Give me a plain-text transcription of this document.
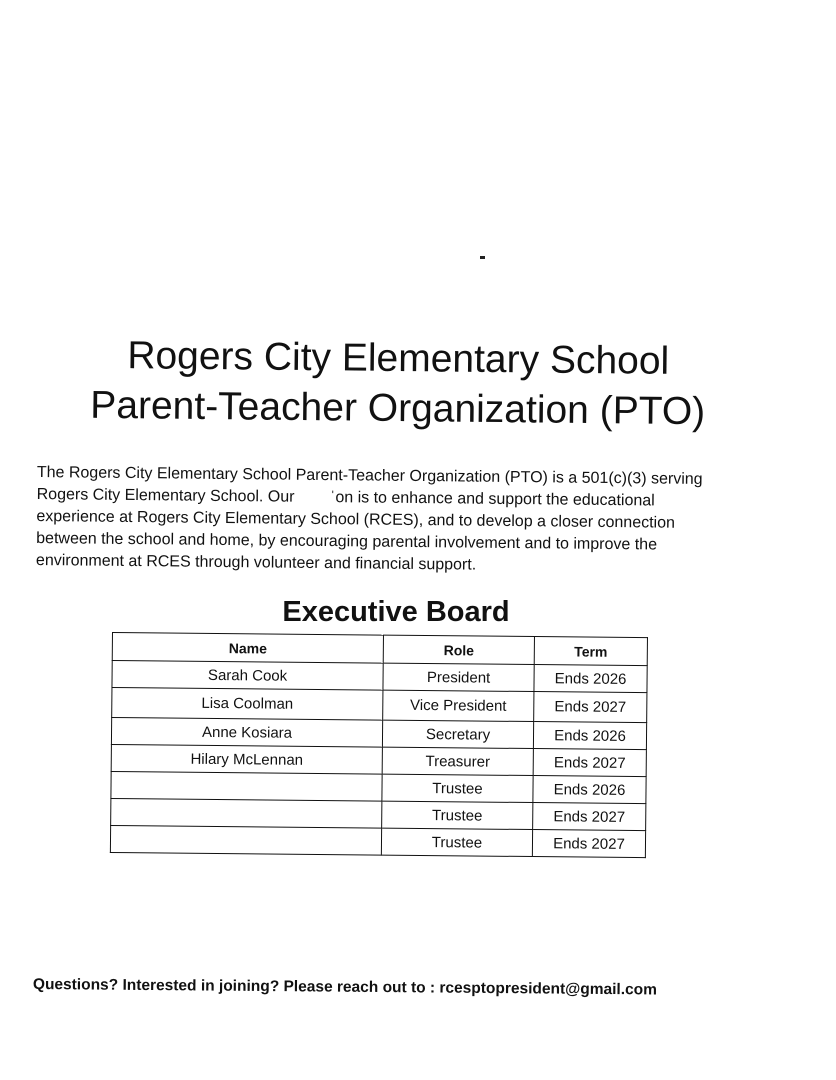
Rogers City Elementary School
Parent-Teacher Organization (PTO)
The Rogers City Elementary School Parent-Teacher Organization (PTO) is a 501(c)(3) serving
Rogers City Elementary School. Our        ˈon is to enhance and support the educational
experience at Rogers City Elementary School (RCES), and to develop a closer connection
between the school and home, by encouraging parental involvement and to improve the
environment at RCES through volunteer and financial support.
Executive Board
Name	Role	Term
Sarah Cook	President	Ends 2026
Lisa Coolman	Vice President	Ends 2027
Anne Kosiara	Secretary	Ends 2026
Hilary McLennan	Treasurer	Ends 2027
	Trustee	Ends 2026
	Trustee	Ends 2027
	Trustee	Ends 2027
Questions? Interested in joining? Please reach out to : rcesptopresident@gmail.com
